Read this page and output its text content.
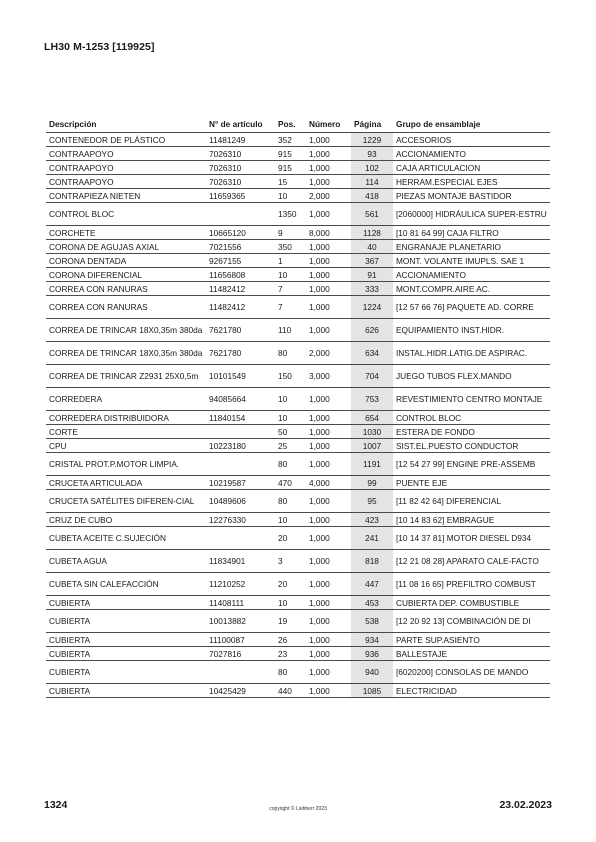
LH30 M-1253 [119925]
Descripción	N° de artículo	Pos.	Número	Página	Grupo de ensamblaje
CONTENEDOR DE PLÁSTICO	11481249	352	1,000	1229	ACCESORIOS
CONTRAAPOYO	7026310	915	1,000	93	ACCIONAMIENTO
CONTRAAPOYO	7026310	915	1,000	102	CAJA ARTICULACION
CONTRAAPOYO	7026310	15	1,000	114	HERRAM.ESPECIAL EJES
CONTRAPIEZA NIETEN	11659365	10	2,000	418	PIEZAS MONTAJE BASTIDOR
CONTROL BLOC		1350	1,000	561	[2060000] HIDRÁULICA SUPER-ESTRU
CORCHETE	10665120	9	8,000	1128	[10 81 64 99] CAJA FILTRO
CORONA DE AGUJAS AXIAL	7021556	350	1,000	40	ENGRANAJE PLANETARIO
CORONA DENTADA	9267155	1	1,000	367	MONT. VOLANTE IMUPLS. SAE 1
CORONA DIFERENCIAL	11656808	10	1,000	91	ACCIONAMIENTO
CORREA CON RANURAS	11482412	7	1,000	333	MONT.COMPR.AIRE AC.
CORREA CON RANURAS	11482412	7	1,000	1224	[12 57 66 76] PAQUETE AD. CORRE
CORREA DE TRINCAR 18X0,35m 380da	7621780	110	1,000	626	EQUIPAMIENTO INST.HIDR.
CORREA DE TRINCAR 18X0,35m 380da	7621780	80	2,000	634	INSTAL.HIDR.LATIG.DE ASPIRAC.
CORREA DE TRINCAR Z2931 25X0,5m	10101549	150	3,000	704	JUEGO TUBOS FLEX.MANDO
CORREDERA	94085664	10	1,000	753	REVESTIMIENTO CENTRO MONTAJE
CORREDERA DISTRIBUIDORA	11840154	10	1,000	654	CONTROL BLOC
CORTE		50	1,000	1030	ESTERA DE FONDO
CPU	10223180	25	1,000	1007	SIST.EL.PUESTO CONDUCTOR
CRISTAL PROT.P.MOTOR LIMPIA.		80	1,000	1191	[12 54 27 99] ENGINE PRE-ASSEMB
CRUCETA ARTICULADA	10219587	470	4,000	99	PUENTE EJE
CRUCETA SATÉLITES DIFEREN-CIAL	10489606	80	1,000	95	[11 82 42 64] DIFERENCIAL
CRUZ DE CUBO	12276330	10	1,000	423	[10 14 83 62] EMBRAGUE
CUBETA ACEITE C.SUJECIÓN		20	1,000	241	[10 14 37 81] MOTOR DIESEL D934
CUBETA AGUA	11834901	3	1,000	818	[12 21 08 28] APARATO CALE-FACTO
CUBETA SIN CALEFACCIÓN	11210252	20	1,000	447	[11 08 16 65] PREFILTRO COMBUST
CUBIERTA	11408111	10	1,000	453	CUBIERTA DEP. COMBUSTIBLE
CUBIERTA	10013882	19	1,000	538	[12 20 92 13] COMBINACIÓN DE DI
CUBIERTA	11100087	26	1,000	934	PARTE SUP.ASIENTO
CUBIERTA	7027816	23	1,000	936	BALLESTAJE
CUBIERTA		80	1,000	940	[6020200] CONSOLAS DE MANDO
CUBIERTA	10425429	440	1,000	1085	ELECTRICIDAD
1324	copyright © Liebherr 2023	23.02.2023
